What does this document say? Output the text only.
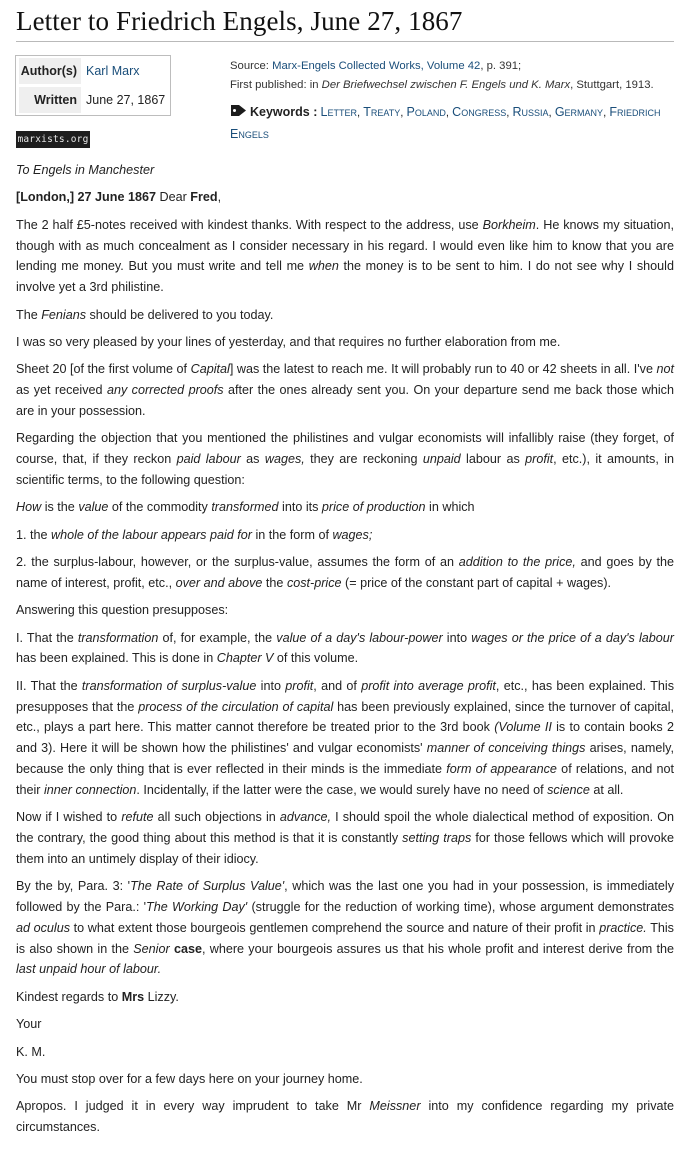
Letter to Friedrich Engels, June 27, 1867
Author(s) Karl Marx
Written June 27, 1867
marxists.org
Source: Marx-Engels Collected Works, Volume 42, p. 391;
First published: in Der Briefwechsel zwischen F. Engels und K. Marx, Stuttgart, 1913.
Keywords : Letter, Treaty, Poland, Congress, Russia, Germany, Friedrich Engels

To Engels in Manchester

[London,] 27 June 1867 Dear Fred,

The 2 half £5-notes received with kindest thanks. With respect to the address, use Borkheim. He knows my situation, though with as much concealment as I consider necessary in his regard. I would even like him to know that you are lending me money. But you must write and tell me when the money is to be sent to him. I do not see why I should involve yet a 3rd philistine.

The Fenians should be delivered to you today.

I was so very pleased by your lines of yesterday, and that requires no further elaboration from me.

Sheet 20 [of the first volume of Capital] was the latest to reach me. It will probably run to 40 or 42 sheets in all. I've not as yet received any corrected proofs after the ones already sent you. On your departure send me back those which are in your possession.

Regarding the objection that you mentioned the philistines and vulgar economists will infallibly raise (they forget, of course, that, if they reckon paid labour as wages, they are reckoning unpaid labour as profit, etc.), it amounts, in scientific terms, to the following question:

How is the value of the commodity transformed into its price of production in which

1. the whole of the labour appears paid for in the form of wages;

2. the surplus-labour, however, or the surplus-value, assumes the form of an addition to the price, and goes by the name of interest, profit, etc., over and above the cost-price (= price of the constant part of capital + wages).

Answering this question presupposes:

I. That the transformation of, for example, the value of a day's labour-power into wages or the price of a day's labour has been explained. This is done in Chapter V of this volume.

II. That the transformation of surplus-value into profit, and of profit into average profit, etc., has been explained. This presupposes that the process of the circulation of capital has been previously explained, since the turnover of capital, etc., plays a part here. This matter cannot therefore be treated prior to the 3rd book (Volume II is to contain books 2 and 3). Here it will be shown how the philistines' and vulgar economists' manner of conceiving things arises, namely, because the only thing that is ever reflected in their minds is the immediate form of appearance of relations, and not their inner connection. Incidentally, if the latter were the case, we would surely have no need of science at all.

Now if I wished to refute all such objections in advance, I should spoil the whole dialectical method of exposition. On the contrary, the good thing about this method is that it is constantly setting traps for those fellows which will provoke them into an untimely display of their idiocy.

By the by, Para. 3: 'The Rate of Surplus Value', which was the last one you had in your possession, is immediately followed by the Para.: 'The Working Day' (struggle for the reduction of working time), whose argument demonstrates ad oculus to what extent those bourgeois gentlemen comprehend the source and nature of their profit in practice. This is also shown in the Senior case, where your bourgeois assures us that his whole profit and interest derive from the last unpaid hour of labour.

Kindest regards to Mrs Lizzy.

Your

K. M.

You must stop over for a few days here on your journey home.

Apropos. I judged it in every way imprudent to take Mr Meissner into my confidence regarding my private circumstances.
